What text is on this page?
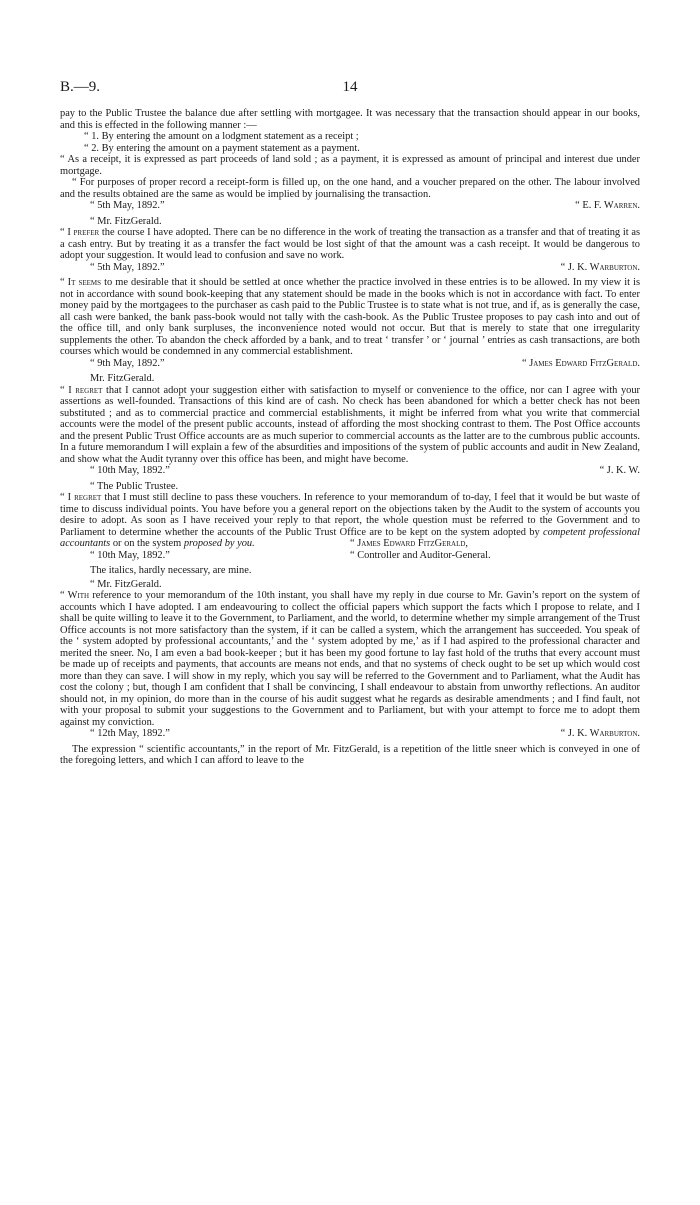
B.—9.	14

pay to the Public Trustee the balance due after settling with mortgagee. It was necessary that the transaction should appear in our books, and this is effected in the following manner :—

“ 1. By entering the amount on a lodgment statement as a receipt ;

“ 2. By entering the amount on a payment statement as a payment.

“ As a receipt, it is expressed as part proceeds of land sold ; as a payment, it is expressed as amount of principal and interest due under mortgage.

“ For purposes of proper record a receipt-form is filled up, on the one hand, and a voucher prepared on the other. The labour involved and the results obtained are the same as would be implied by journalising the transaction.

“ 5th May, 1892.”	“ E. F. Warren.

“ Mr. FitzGerald.

“ I prefer the course I have adopted. There can be no difference in the work of treating the transaction as a transfer and that of treating it as a cash entry. But by treating it as a transfer the fact would be lost sight of that the amount was a cash receipt. It would be dangerous to adopt your suggestion. It would lead to confusion and save no work.

“ 5th May, 1892.”	“ J. K. Warburton.

“ It seems to me desirable that it should be settled at once whether the practice involved in these entries is to be allowed. In my view it is not in accordance with sound book-keeping that any statement should be made in the books which is not in accordance with fact. To enter money paid by the mortgagees to the purchaser as cash paid to the Public Trustee is to state what is not true, and if, as is generally the case, all cash were banked, the bank pass-book would not tally with the cash-book. As the Public Trustee proposes to pay cash into and out of the office till, and only bank surpluses, the inconvenience noted would not occur. But that is merely to state that one irregularity supplements the other. To abandon the check afforded by a bank, and to treat ‘ transfer ’ or ‘ journal ’ entries as cash transactions, are both courses which would be condemned in any commercial establishment.

“ 9th May, 1892.”	“ James Edward FitzGerald.

Mr. FitzGerald.

“ I regret that I cannot adopt your suggestion either with satisfaction to myself or convenience to the office, nor can I agree with your assertions as well-founded. Transactions of this kind are of cash. No check has been abandoned for which a better check has not been substituted ; and as to commercial practice and commercial establishments, it might be inferred from what you write that commercial accounts were the model of the present public accounts, instead of affording the most shocking contrast to them. The Post Office accounts and the present Public Trust Office accounts are as much superior to commercial accounts as the latter are to the cumbrous public accounts. In a future memorandum I will explain a few of the absurdities and impositions of the system of public accounts and audit in New Zealand, and show what the Audit tyranny over this office has been, and might have become.

“ 10th May, 1892.”	“ J. K. W.

“ The Public Trustee.

“ I regret that I must still decline to pass these vouchers. In reference to your memorandum of to-day, I feel that it would be but waste of time to discuss individual points. You have before you a general report on the objections taken by the Audit to the system of accounts you desire to adopt. As soon as I have received your reply to that report, the whole question must be referred to the Government and to Parliament to determine whether the accounts of the Public Trust Office are to be kept on the system adopted by competent professional accountants or on the system proposed by you.	“ James Edward FitzGerald,
“ 10th May, 1892.”	“ Controller and Auditor-General.

The italics, hardly necessary, are mine.

“ Mr. FitzGerald.

“ With reference to your memorandum of the 10th instant, you shall have my reply in due course to Mr. Gavin’s report on the system of accounts which I have adopted. I am endeavouring to collect the official papers which support the facts which I propose to relate, and I shall be quite willing to leave it to the Government, to Parliament, and the world, to determine whether my simple arrangement of the Trust Office accounts is not more satisfactory than the system, if it can be called a system, which the arrangement has succeeded. You speak of the ‘ system adopted by professional accountants,’ and the ‘ system adopted by me,’ as if I had aspired to the professional character and merited the sneer. No, I am even a bad book-keeper ; but it has been my good fortune to lay fast hold of the truths that every account must be made up of receipts and payments, that accounts are means not ends, and that no systems of check ought to be set up which would cost more than they can save. I will show in my reply, which you say will be referred to the Government and to Parliament, what the Audit has cost the colony ; but, though I am confident that I shall be convincing, I shall endeavour to abstain from unworthy reflections. An auditor should not, in my opinion, do more than in the course of his audit suggest what he regards as desirable amendments ; and I find fault, not with your proposal to submit your suggestions to the Government and to Parliament, but with your attempt to force me to adopt them against my conviction.

“ 12th May, 1892.”	“ J. K. Warburton.

The expression “ scientific accountants,” in the report of Mr. FitzGerald, is a repetition of the little sneer which is conveyed in one of the foregoing letters, and which I can afford to leave to the
